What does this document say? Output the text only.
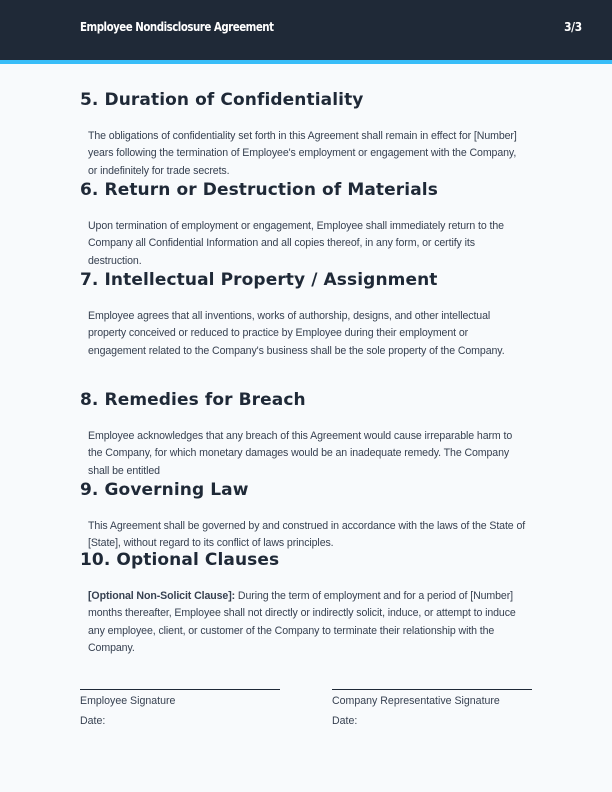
Employee Nondisclosure Agreement	3/3
5. Duration of Confidentiality
The obligations of confidentiality set forth in this Agreement shall remain in effect for [Number] years following the termination of Employee's employment or engagement with the Company, or indefinitely for trade secrets.
6. Return or Destruction of Materials
Upon termination of employment or engagement, Employee shall immediately return to the Company all Confidential Information and all copies thereof, in any form, or certify its destruction.
7. Intellectual Property / Assignment
Employee agrees that all inventions, works of authorship, designs, and other intellectual property conceived or reduced to practice by Employee during their employment or engagement related to the Company's business shall be the sole property of the Company.
8. Remedies for Breach
Employee acknowledges that any breach of this Agreement would cause irreparable harm to the Company, for which monetary damages would be an inadequate remedy. The Company shall be entitled
9. Governing Law
This Agreement shall be governed by and construed in accordance with the laws of the State of [State], without regard to its conflict of laws principles.
10. Optional Clauses
[Optional Non-Solicit Clause]: During the term of employment and for a period of [Number] months thereafter, Employee shall not directly or indirectly solicit, induce, or attempt to induce any employee, client, or customer of the Company to terminate their relationship with the Company.
Employee Signature
Date:
Company Representative Signature
Date:
